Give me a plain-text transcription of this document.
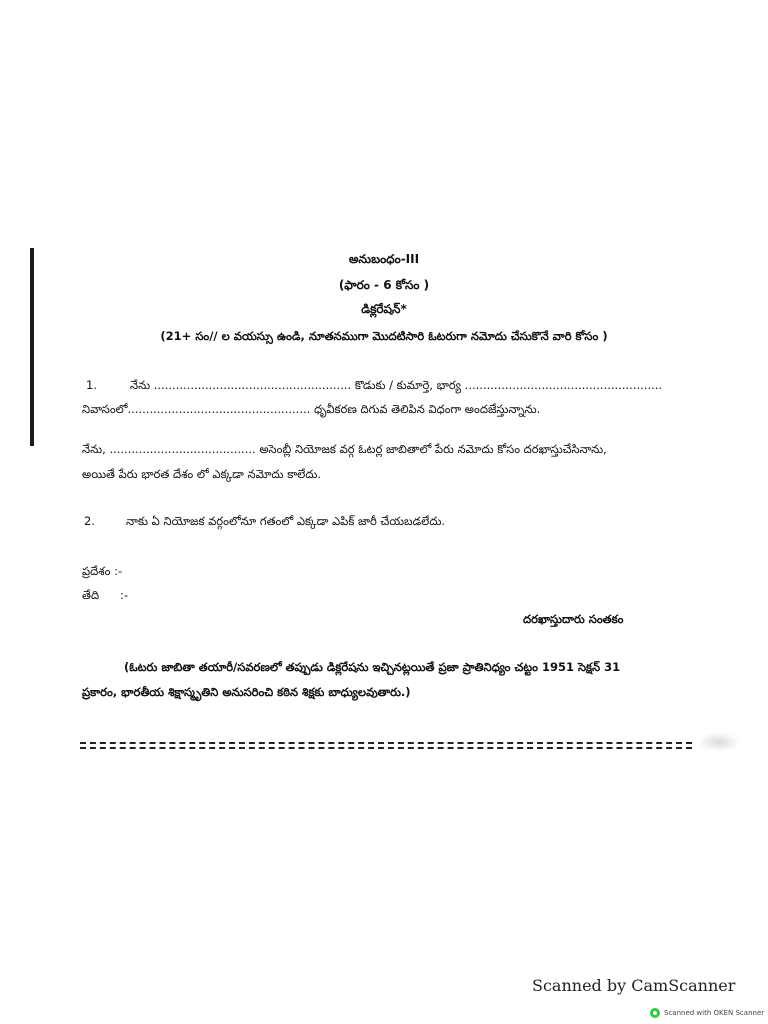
అనుబంధం-III
(ఫారం - 6 కోసం )
డిక్లరేషన్*
(21+ సం// ల వయస్సు ఉండి, నూతనముగా మొదటిసారి ఓటరుగా నమోదు చేసుకొనే వారి కోసం )
1.	నేను ...................................................... కొడుకు / కుమార్తె, భార్య ......................................................
నివాసంలో.................................................. ధృవీకరణ దిగువ తెలిపిన విధంగా అందజేస్తున్నాను.
నేను, ........................................ అసెంబ్లీ నియోజక వర్గ ఓటర్ల జాబితాలో పేరు నమోదు కోసం దరఖాస్తుచేసినాను,
అయితే పేరు భారత దేశం లో ఎక్కడా నమోదు కాలేదు.
2.	నాకు ఏ నియోజక వర్గంలోనూ గతంలో ఎక్కడా ఎపిక్ జారీ చేయబడలేదు.
ప్రదేశం :-
తేది :-
దరఖాస్తుదారు సంతకం
(ఓటరు జాబితా తయారీ/సవరణలో తప్పుడు డిక్లరేషను ఇచ్చినట్లయితే ప్రజా ప్రాతినిధ్యం చట్టం 1951 సెక్షన్ 31
ప్రకారం, భారతీయ శిక్షాస్మృతిని అనుసరించి కఠిన శిక్షకు బాధ్యులవుతారు.)
Scanned by CamScanner
Scanned with OKEN Scanner
